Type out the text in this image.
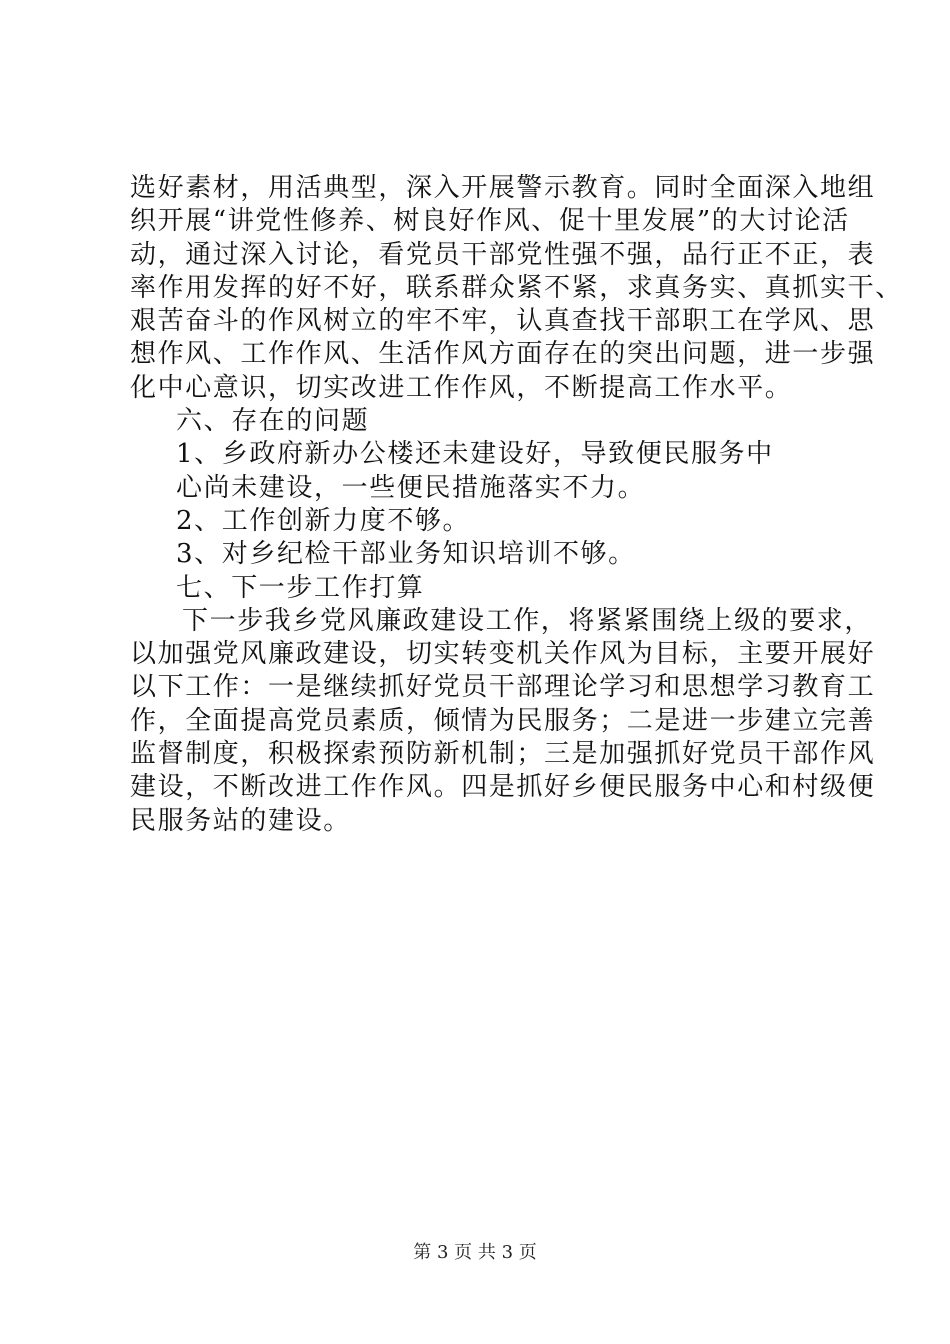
选好素材，用活典型，深入开展警示教育。同时全面深入地组
织开展“讲党性修养、树良好作风、促十里发展”的大讨论活
动，通过深入讨论，看党员干部党性强不强，品行正不正，表
率作用发挥的好不好，联系群众紧不紧，求真务实、真抓实干、
艰苦奋斗的作风树立的牢不牢，认真查找干部职工在学风、思
想作风、工作作风、生活作风方面存在的突出问题，进一步强
化中心意识，切实改进工作作风，不断提高工作水平。
六、存在的问题
1、乡政府新办公楼还未建设好，导致便民服务中
心尚未建设，一些便民措施落实不力。
2、工作创新力度不够。
3、对乡纪检干部业务知识培训不够。
七、下一步工作打算
下一步我乡党风廉政建设工作，将紧紧围绕上级的要求，
以加强党风廉政建设，切实转变机关作风为目标，主要开展好
以下工作：一是继续抓好党员干部理论学习和思想学习教育工
作，全面提高党员素质，倾情为民服务；二是进一步建立完善
监督制度，积极探索预防新机制；三是加强抓好党员干部作风
建设，不断改进工作作风。四是抓好乡便民服务中心和村级便
民服务站的建设。
第 3 页 共 3 页
